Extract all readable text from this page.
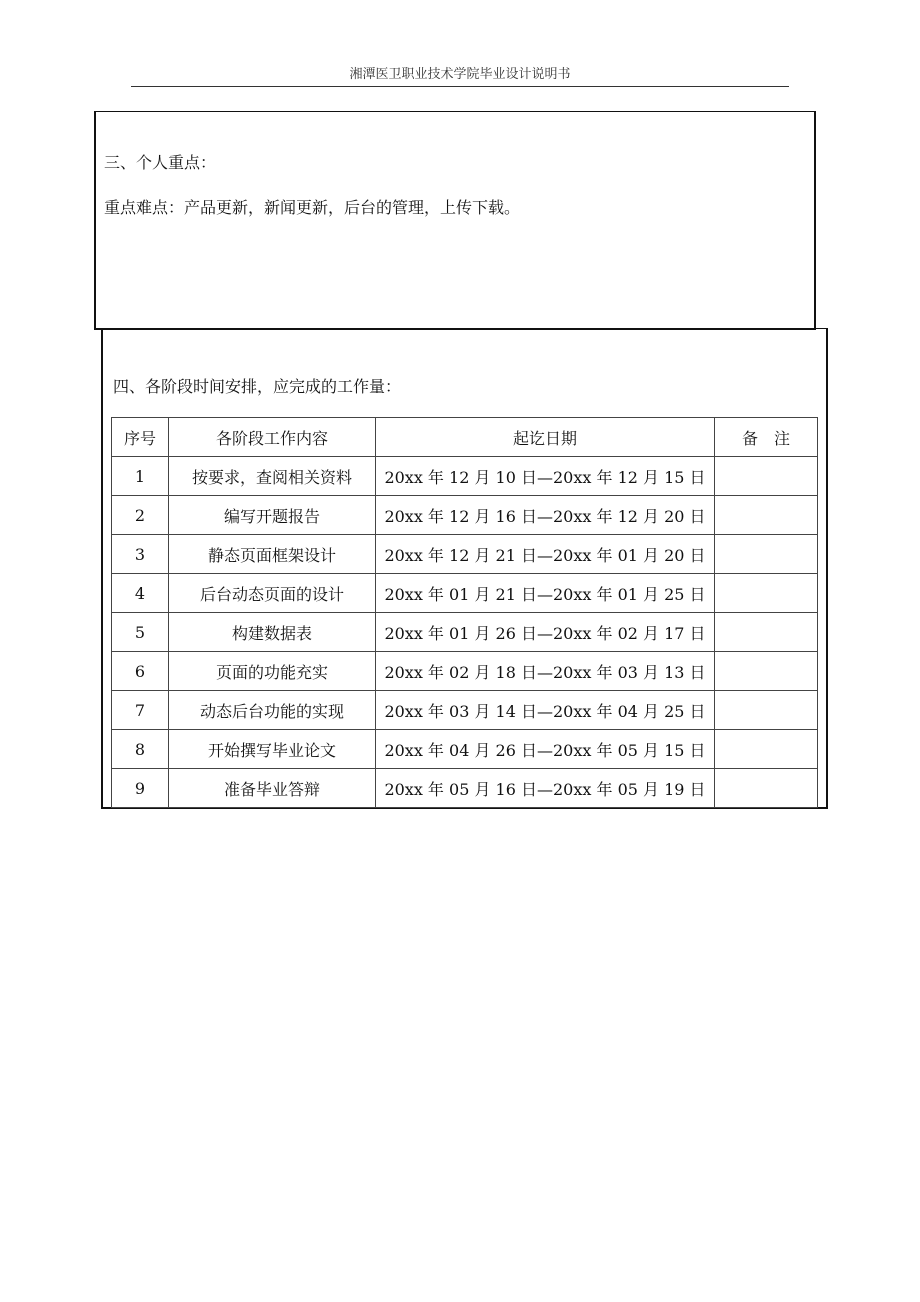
湘潭医卫职业技术学院毕业设计说明书
三、个人重点：
重点难点：产品更新，新闻更新，后台的管理，上传下载。
四、各阶段时间安排，应完成的工作量：
序号	各阶段工作内容	起讫日期	备　注
1	按要求，查阅相关资料	20xx 年 12 月 10 日—20xx 年 12 月 15 日	
2	编写开题报告	20xx 年 12 月 16 日—20xx 年 12 月 20 日	
3	静态页面框架设计	20xx 年 12 月 21 日—20xx 年 01 月 20 日	
4	后台动态页面的设计	20xx 年 01 月 21 日—20xx 年 01 月 25 日	
5	构建数据表	20xx 年 01 月 26 日—20xx 年 02 月 17 日	
6	页面的功能充实	20xx 年 02 月 18 日—20xx 年 03 月 13 日	
7	动态后台功能的实现	20xx 年 03 月 14 日—20xx 年 04 月 25 日	
8	开始撰写毕业论文	20xx 年 04 月 26 日—20xx 年 05 月 15 日	
9	准备毕业答辩	20xx 年 05 月 16 日—20xx 年 05 月 19 日	
